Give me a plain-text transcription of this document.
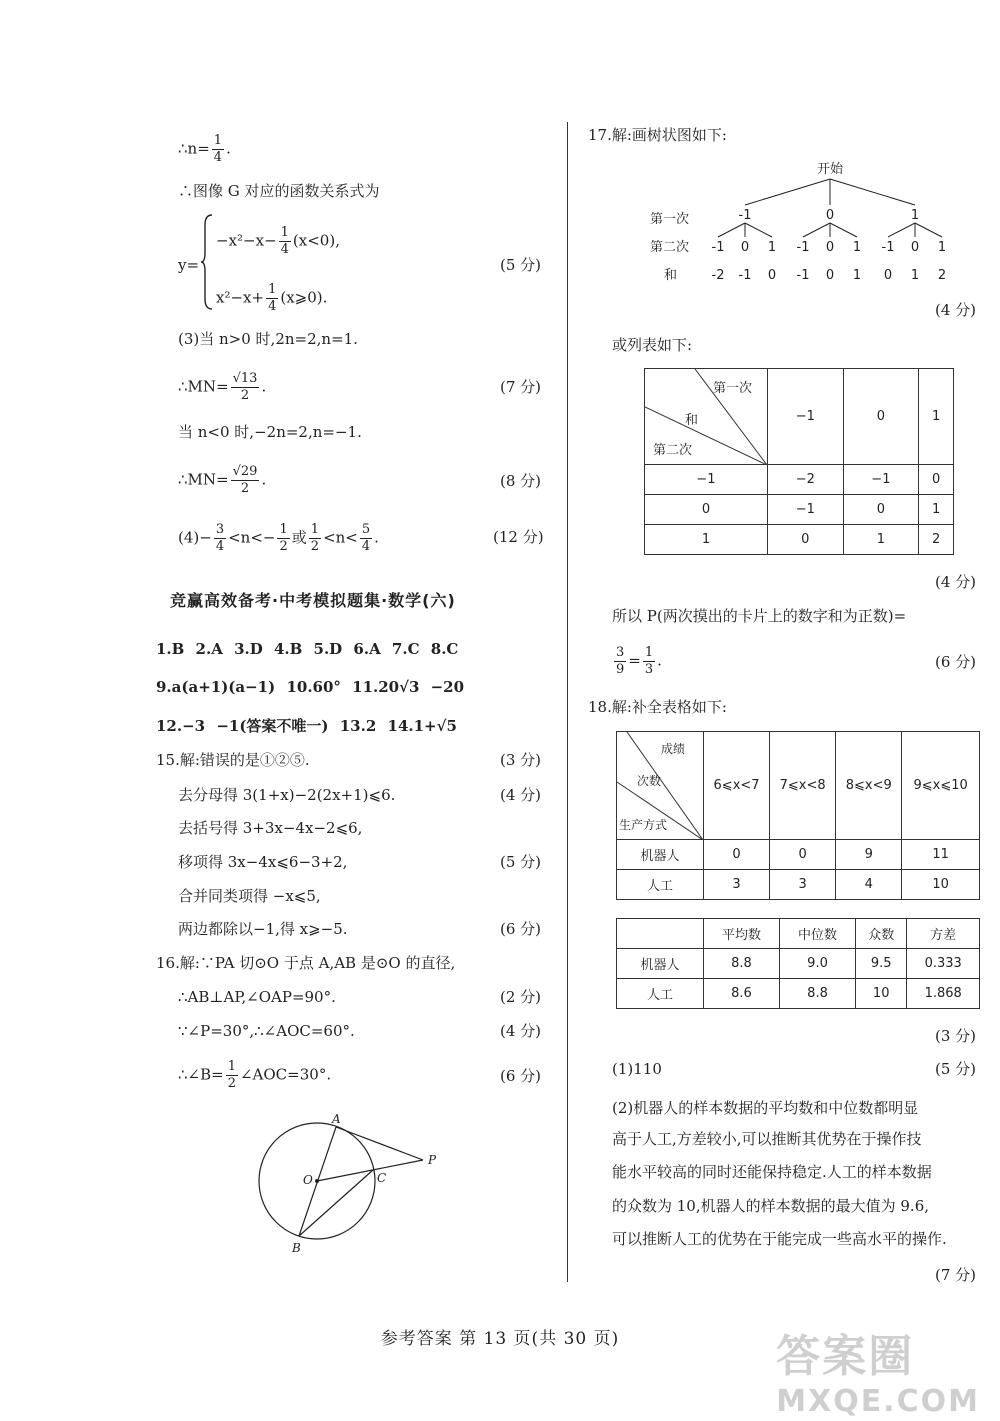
∴n= $\frac{1}{4}$ .
∴图像 G 对应的函数关系式为
y=
$-x^2-x- \frac{1}{4} (x<0)$,
$x^2-x+ \frac{1}{4}$ (x⩾0).
(5 分)
(3)当 n>0 时,2n=2,n=1.
∴MN= $\frac{√13}{2}$ .	(7 分)
当 n<0 时,−2n=2,n=−1.
∴MN= $\frac{√29}{2}$ .	(8 分)
$(4)- \frac{3}{4} <n<- \frac{1}{2}$ 或 $\frac{1}{2} <n< \frac{5}{4}$ .	(12 分)
竞赢高效备考·中考模拟题集·数学(六)
1.B 2.A 3.D 4.B 5.D 6.A 7.C 8.C
9.a(a+1)(a−1) 10.60° 11.20√3 −20
12.−3 −1(答案不唯一) 13.2 14.1+√5
15.解:错误的是①②⑤.	(3 分)
去分母得 3(1+x)−2(2x+1)⩽6.	(4 分)
去括号得 3+3x−4x−2⩽6,
移项得 3x−4x⩽6−3+2,	(5 分)
合并同类项得 −x⩽5,
两边都除以−1,得 x⩾−5.	(6 分)
16.解:∵PA 切⊙O 于点 A,AB 是⊙O 的直径,
∴AB⊥AP,∠OAP=90°.	(2 分)
∵∠P=30°,∴∠AOC=60°.	(4 分)
∴∠B= $\frac{1}{2}$ ∠AOC=30°.	(6 分)
A
O	C
P
B
17.解:画树状图如下:
开始
第一次
第二次
和
-1	0	1
-1 0 1 -1 0 1 -1 0 1
-2 -1 0 -1 0 1 0 1 2
(4 分)
或列表如下:
第一次
和
第二次	−1	0	1
−1	−2	−1	0
0	−1	0	1
1	0	1	2
(4 分)
所以 P(两次摸出的卡片上的数字和为正数)=
$\frac{3}{9} = \frac{1}{3}$ .	(6 分)
18.解:补全表格如下:
成绩
次数
生产方式	6⩽x<7	7⩽x<8	8⩽x<9	9⩽x⩽10
机器人	0	0	9	11
人工	3	3	4	10
	平均数	中位数	众数	方差
机器人	8.8	9.0	9.5	0.333
人工	8.6	8.8	10	1.868
(3 分)
(1)110	(5 分)
(2)机器人的样本数据的平均数和中位数都明显
高于人工,方差较小,可以推断其优势在于操作技
能水平较高的同时还能保持稳定.人工的样本数据
的众数为 10,机器人的样本数据的最大值为 9.6,
可以推断人工的优势在于能完成一些高水平的操作.
(7 分)
参考答案 第 13 页(共 30 页)	答案圈
MXQE.COM
